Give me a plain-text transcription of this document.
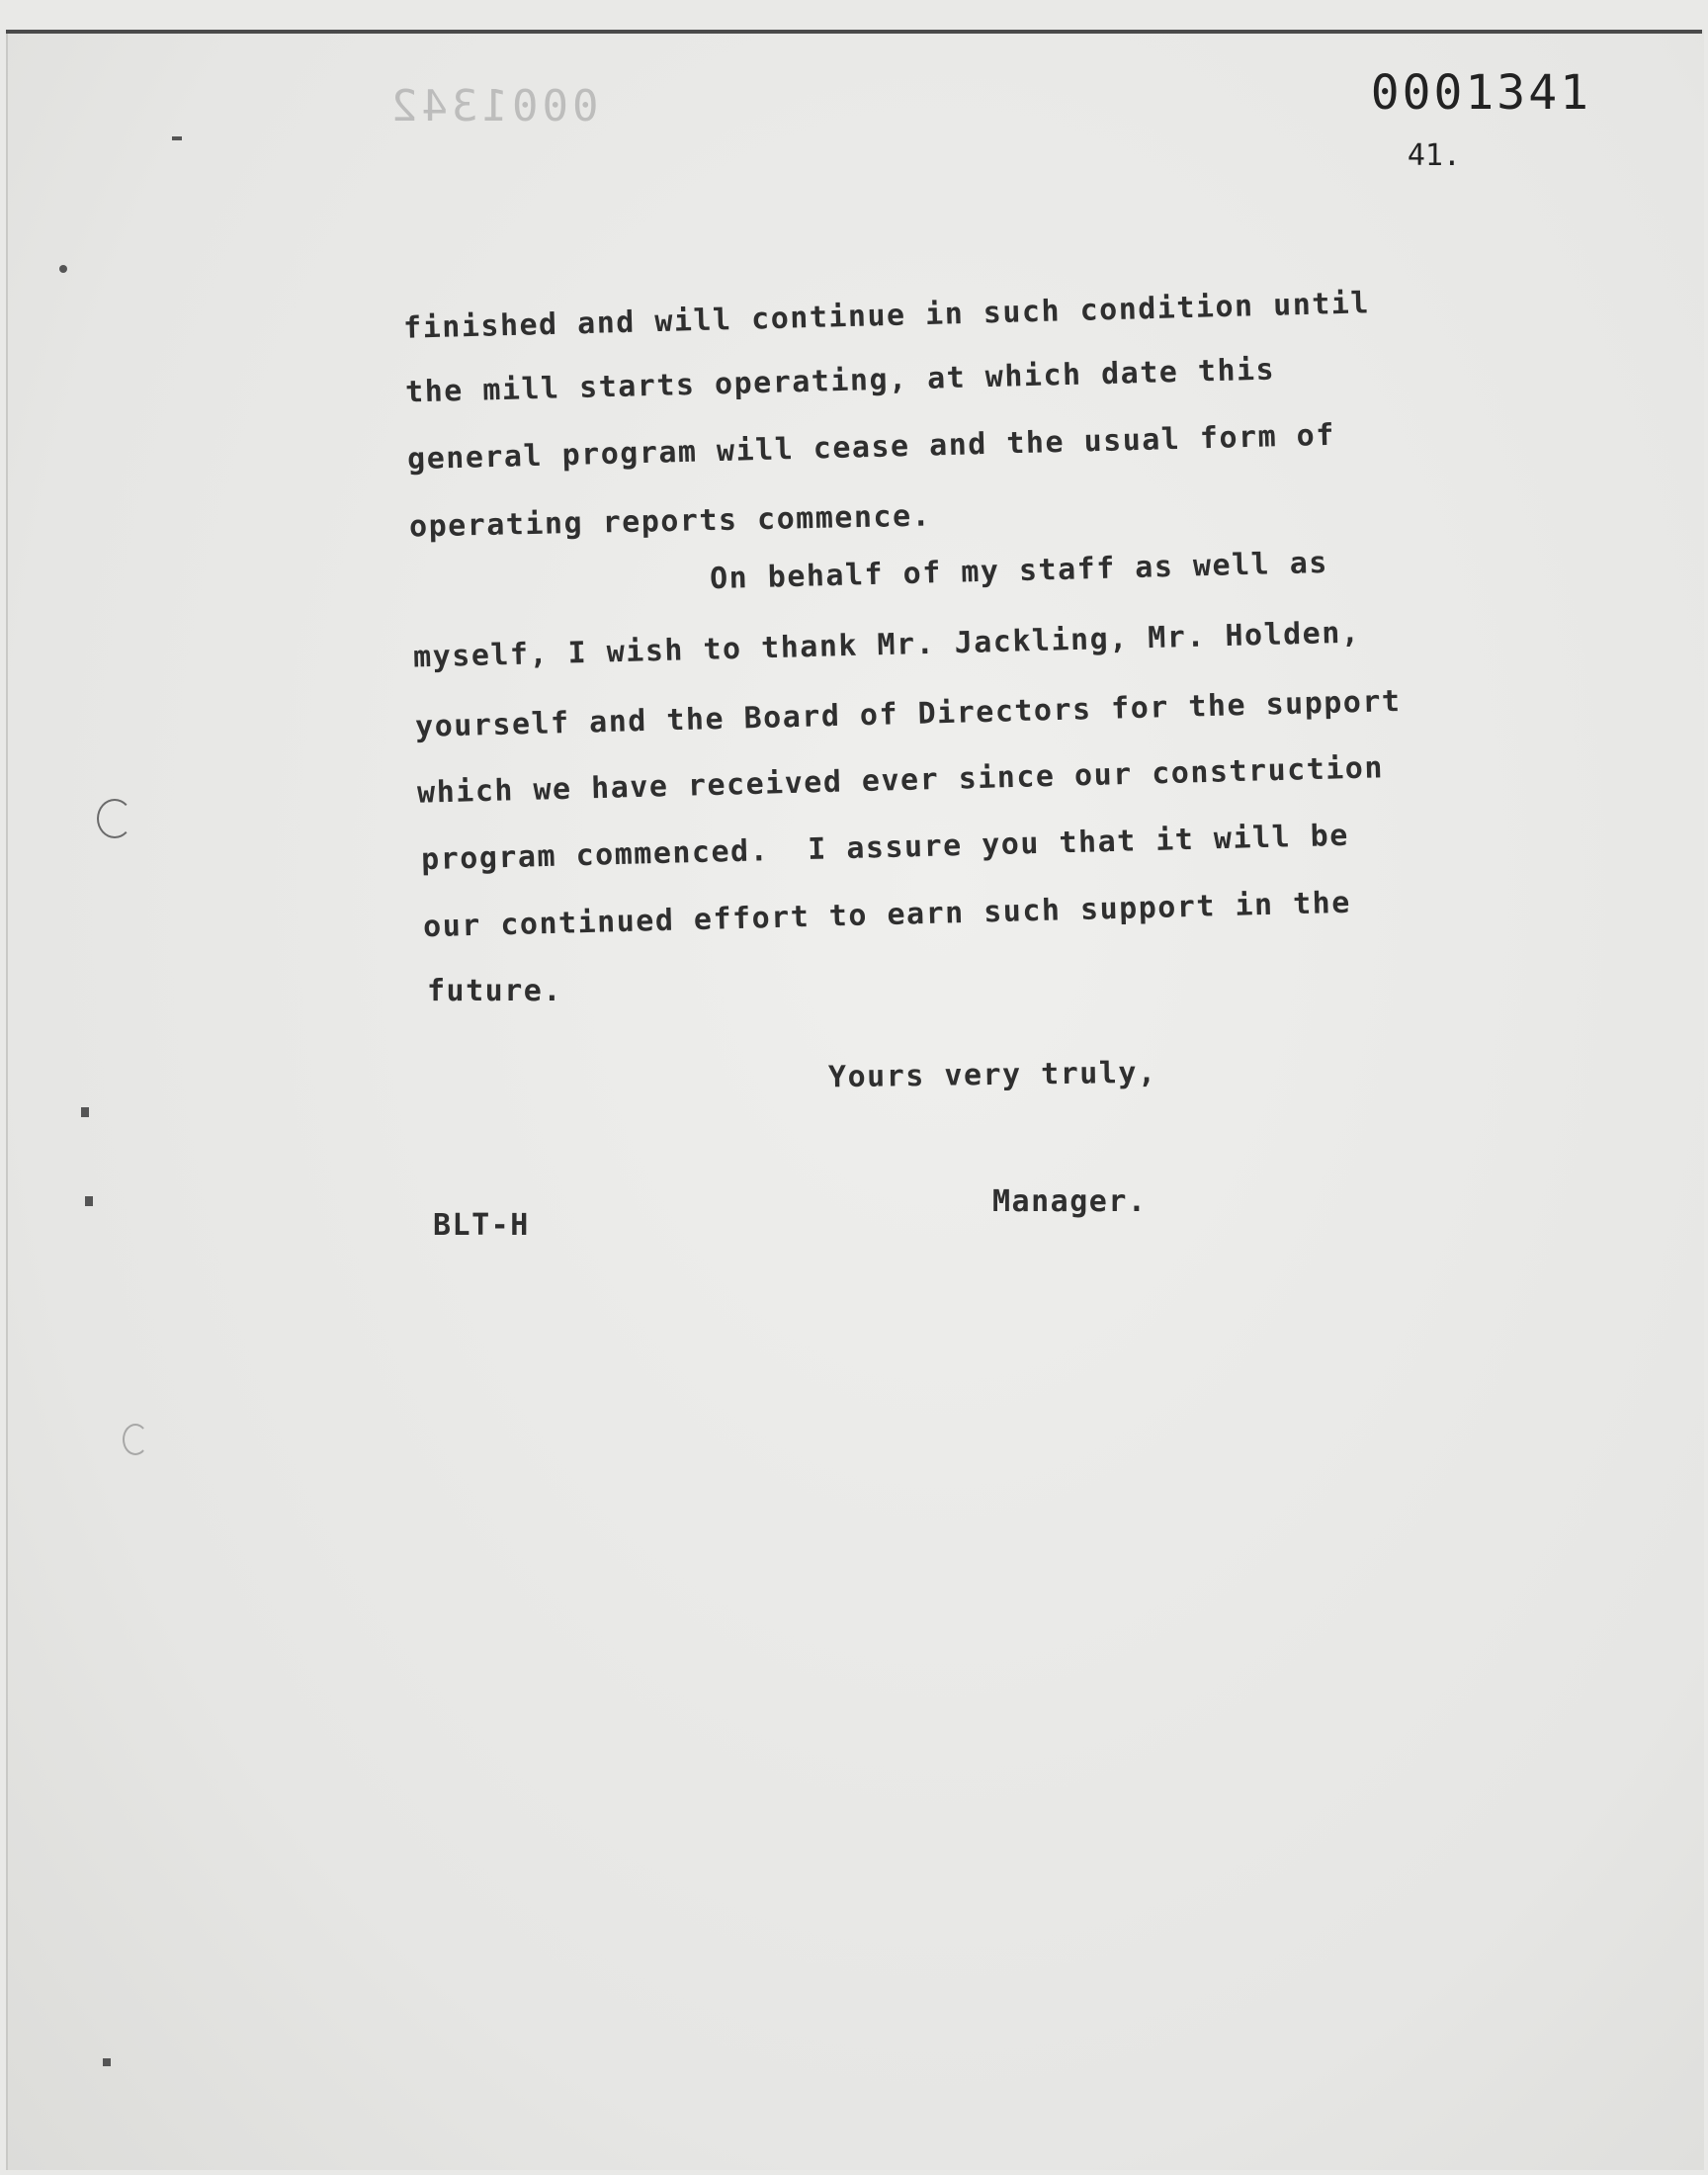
0001342	0001341
41.
finished and will continue in such condition until
the mill starts operating, at which date this
general program will cease and the usual form of
operating reports commence.
On behalf of my staff as well as
myself, I wish to thank Mr. Jackling, Mr. Holden,
yourself and the Board of Directors for the support
which we have received ever since our construction
program commenced.  I assure you that it will be
our continued effort to earn such support in the
future.
Yours very truly,
BLT-H
Manager.
